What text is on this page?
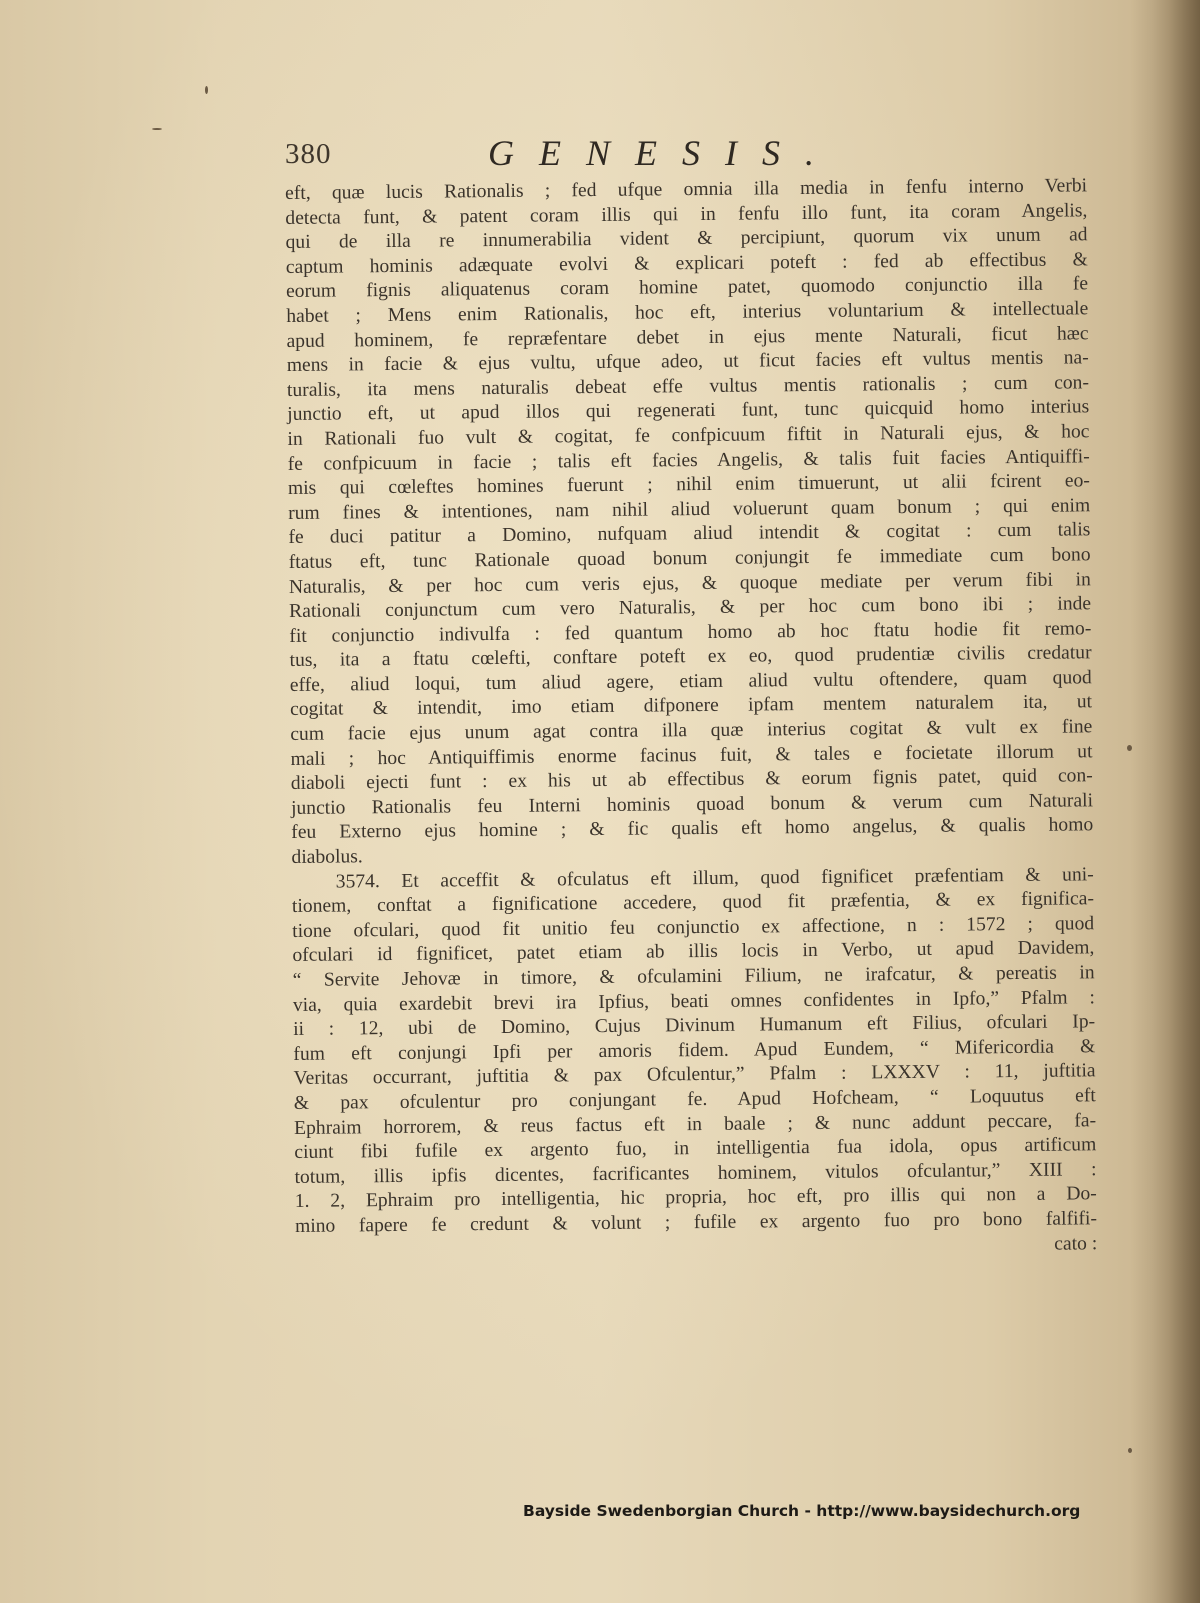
380	GENESIS.
eft, quæ lucis Rationalis ; fed ufque omnia illa media in fenfu interno Verbi
detecta funt, & patent coram illis qui in fenfu illo funt, ita coram Angelis,
qui de illa re innumerabilia vident & percipiunt, quorum vix unum ad
captum hominis adæquate evolvi & explicari poteft : fed ab effectibus &
eorum fignis aliquatenus coram homine patet, quomodo conjunctio illa fe
habet ; Mens enim Rationalis, hoc eft, interius voluntarium & intellectuale
apud hominem, fe repræfentare debet in ejus mente Naturali, ficut hæc
mens in facie & ejus vultu, ufque adeo, ut ficut facies eft vultus mentis na-
turalis, ita mens naturalis debeat effe vultus mentis rationalis ; cum con-
junctio eft, ut apud illos qui regenerati funt, tunc quicquid homo interius
in Rationali fuo vult & cogitat, fe confpicuum fiftit in Naturali ejus, & hoc
fe confpicuum in facie ; talis eft facies Angelis, & talis fuit facies Antiquiffi-
mis qui cœleftes homines fuerunt ; nihil enim timuerunt, ut alii fcirent eo-
rum fines & intentiones, nam nihil aliud voluerunt quam bonum ; qui enim
fe duci patitur a Domino, nufquam aliud intendit & cogitat : cum talis
ftatus eft, tunc Rationale quoad bonum conjungit fe immediate cum bono
Naturalis, & per hoc cum veris ejus, & quoque mediate per verum fibi in
Rationali conjunctum cum vero Naturalis, & per hoc cum bono ibi ; inde
fit conjunctio indivulfa : fed quantum homo ab hoc ftatu hodie fit remo-
tus, ita a ftatu cœlefti, conftare poteft ex eo, quod prudentiæ civilis credatur
effe, aliud loqui, tum aliud agere, etiam aliud vultu oftendere, quam quod
cogitat & intendit, imo etiam difponere ipfam mentem naturalem ita, ut
cum facie ejus unum agat contra illa quæ interius cogitat & vult ex fine
mali ; hoc Antiquiffimis enorme facinus fuit, & tales e focietate illorum ut
diaboli ejecti funt : ex his ut ab effectibus & eorum fignis patet, quid con-
junctio Rationalis feu Interni hominis quoad bonum & verum cum Naturali
feu Externo ejus homine ; & fic qualis eft homo angelus, & qualis homo
diabolus.
3574. Et acceffit & ofculatus eft illum, quod fignificet præfentiam & uni-
tionem, conftat a fignificatione accedere, quod fit præfentia, & ex fignifica-
tione ofculari, quod fit unitio feu conjunctio ex affectione, n : 1572 ; quod
ofculari id fignificet, patet etiam ab illis locis in Verbo, ut apud Davidem,
“ Servite Jehovæ in timore, & ofculamini Filium, ne irafcatur, & pereatis in
via, quia exardebit brevi ira Ipfius, beati omnes confidentes in Ipfo,” Pfalm :
ii : 12, ubi de Domino, Cujus Divinum Humanum eft Filius, ofculari Ip-
fum eft conjungi Ipfi per amoris fidem. Apud Eundem, “ Mifericordia &
Veritas occurrant, juftitia & pax Ofculentur,” Pfalm : LXXXV : 11, juftitia
& pax ofculentur pro conjungant fe. Apud Hofcheam, “ Loquutus eft
Ephraim horrorem, & reus factus eft in baale ; & nunc addunt peccare, fa-
ciunt fibi fufile ex argento fuo, in intelligentia fua idola, opus artificum
totum, illis ipfis dicentes, facrificantes hominem, vitulos ofculantur,” XIII :
1. 2, Ephraim pro intelligentia, hic propria, hoc eft, pro illis qui non a Do-
mino fapere fe credunt & volunt ; fufile ex argento fuo pro bono falfifi-
cato :
Bayside Swedenborgian Church - http://www.baysidechurch.org
